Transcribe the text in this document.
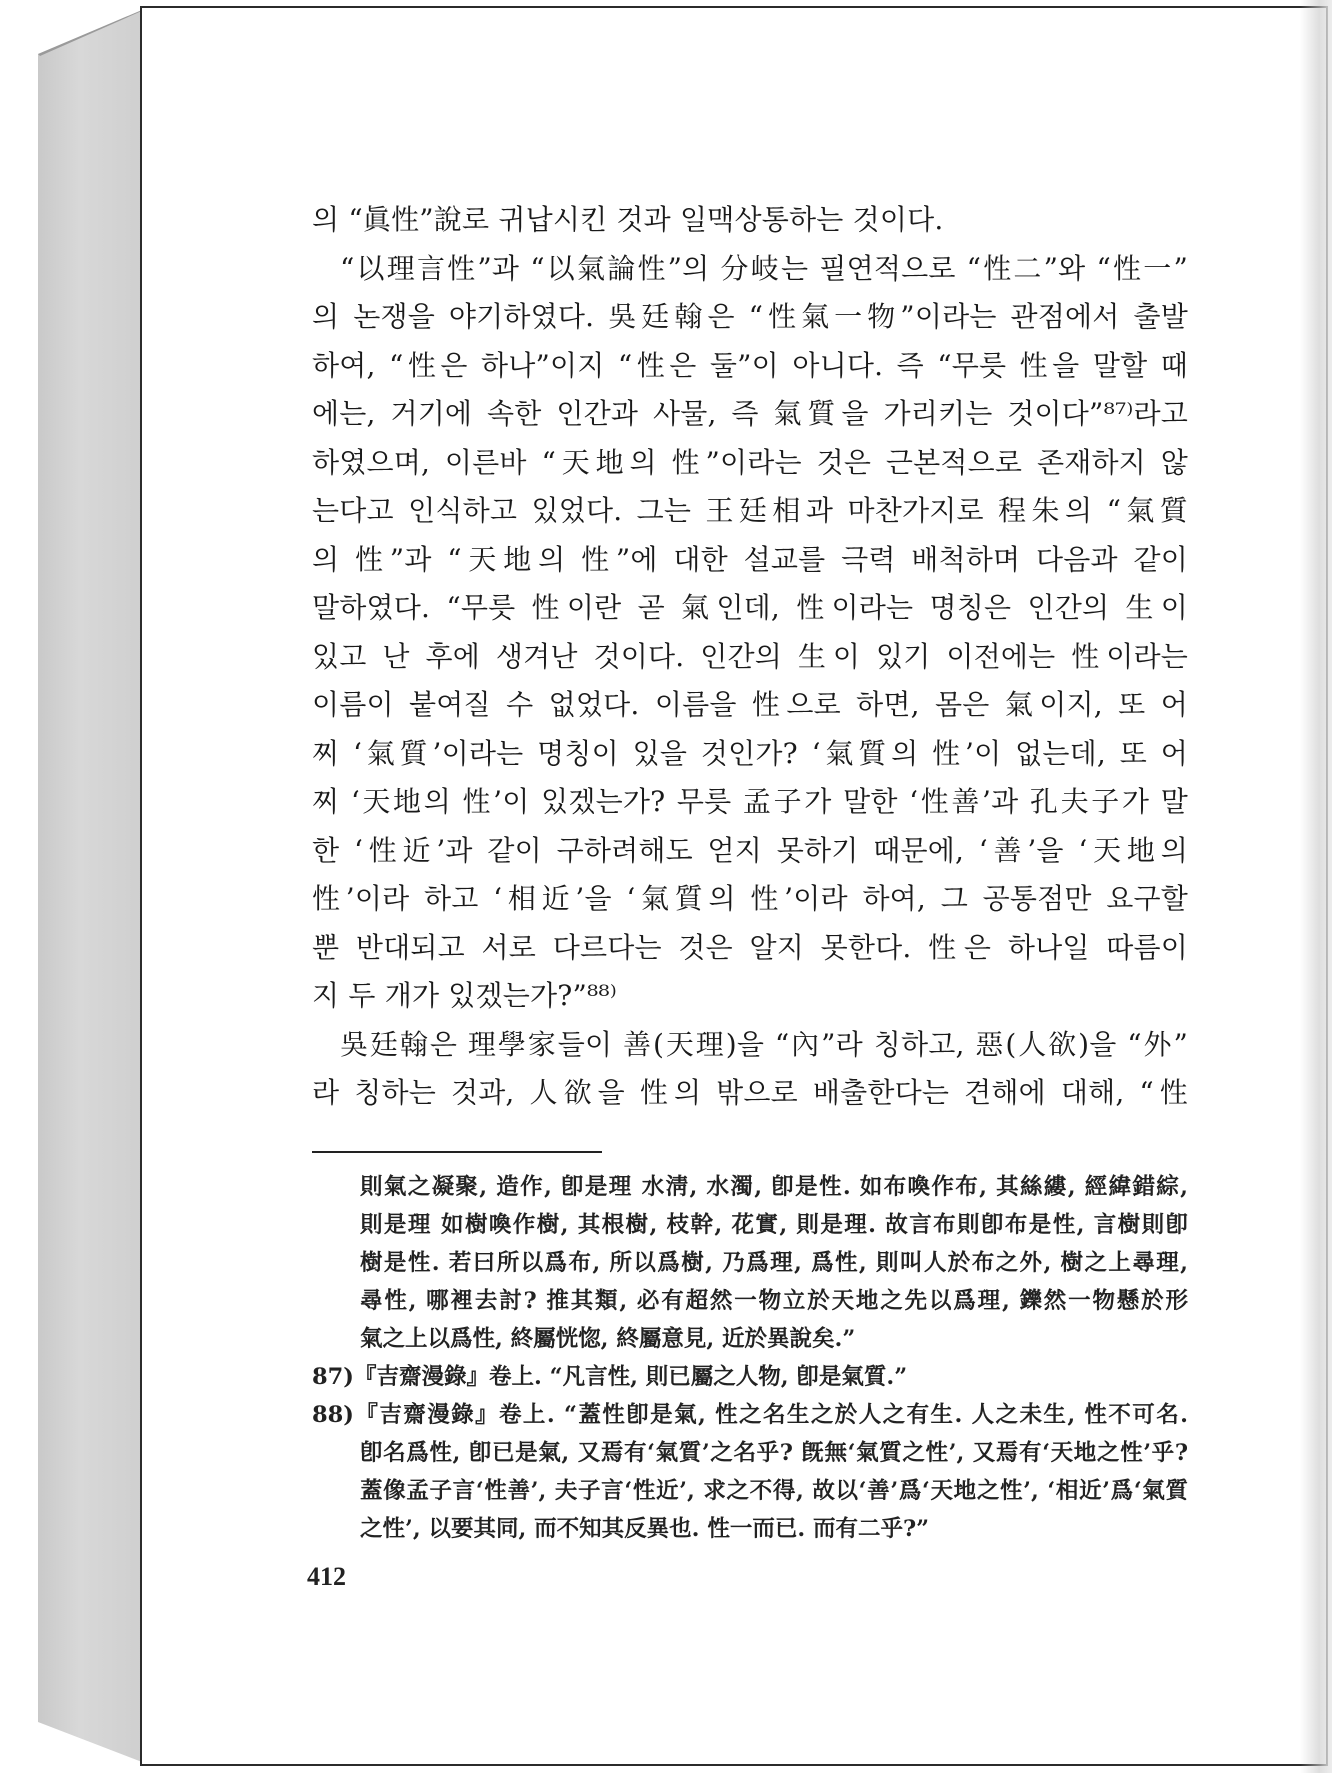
의 “眞性”說로 귀납시킨 것과 일맥상통하는 것이다.
“以理言性”과 “以氣論性”의 分岐는 필연적으로 “性二”와 “性一”
의 논쟁을 야기하였다. 吳廷翰은 “性氣一物”이라는 관점에서 출발
하여, “性은 하나”이지 “性은 둘”이 아니다. 즉 “무릇 性을 말할 때
에는, 거기에 속한 인간과 사물, 즉 氣質을 가리키는 것이다”⁸⁷⁾라고
하였으며, 이른바 “天地의 性”이라는 것은 근본적으로 존재하지 않
는다고 인식하고 있었다. 그는 王廷相과 마찬가지로 程朱의 “氣質
의 性”과 “天地의 性”에 대한 설교를 극력 배척하며 다음과 같이
말하였다. “무릇 性이란 곧 氣인데, 性이라는 명칭은 인간의 生이
있고 난 후에 생겨난 것이다. 인간의 生이 있기 이전에는 性이라는
이름이 붙여질 수 없었다. 이름을 性으로 하면, 몸은 氣이지, 또 어
찌 ‘氣質’이라는 명칭이 있을 것인가? ‘氣質의 性’이 없는데, 또 어
찌 ‘天地의 性’이 있겠는가? 무릇 孟子가 말한 ‘性善’과 孔夫子가 말
한 ‘性近’과 같이 구하려해도 얻지 못하기 때문에, ‘善’을 ‘天地의
性’이라 하고 ‘相近’을 ‘氣質의 性’이라 하여, 그 공통점만 요구할
뿐 반대되고 서로 다르다는 것은 알지 못한다. 性은 하나일 따름이
지 두 개가 있겠는가?”⁸⁸⁾
吳廷翰은 理學家들이 善(天理)을 “內”라 칭하고, 惡(人欲)을 “外”
라 칭하는 것과, 人欲을 性의 밖으로 배출한다는 견해에 대해, “性
則氣之凝聚, 造作, 卽是理 水淸, 水濁, 卽是性. 如布喚作布, 其絲縷, 經緯錯綜,
則是理 如樹喚作樹, 其根樹, 枝幹, 花實, 則是理. 故言布則卽布是性, 言樹則卽
樹是性. 若曰所以爲布, 所以爲樹, 乃爲理, 爲性, 則叫人於布之外, 樹之上尋理,
尋性, 哪裡去討? 推其類, 必有超然一物立於天地之先以爲理, 鑠然一物懸於形
氣之上以爲性, 終屬恍惚, 終屬意見, 近於異說矣.”
87)『吉齋漫錄』卷上. “凡言性, 則已屬之人物, 卽是氣質.”
88)『吉齋漫錄』卷上. “蓋性卽是氣, 性之名生之於人之有生. 人之未生, 性不可名.
卽名爲性, 卽已是氣, 又焉有‘氣質’之名乎? 旣無‘氣質之性’, 又焉有‘天地之性’乎?
蓋像孟子言‘性善’, 夫子言‘性近’, 求之不得, 故以‘善’爲‘天地之性’, ‘相近’爲‘氣質
之性’, 以要其同, 而不知其反異也. 性一而已. 而有二乎?”
412
